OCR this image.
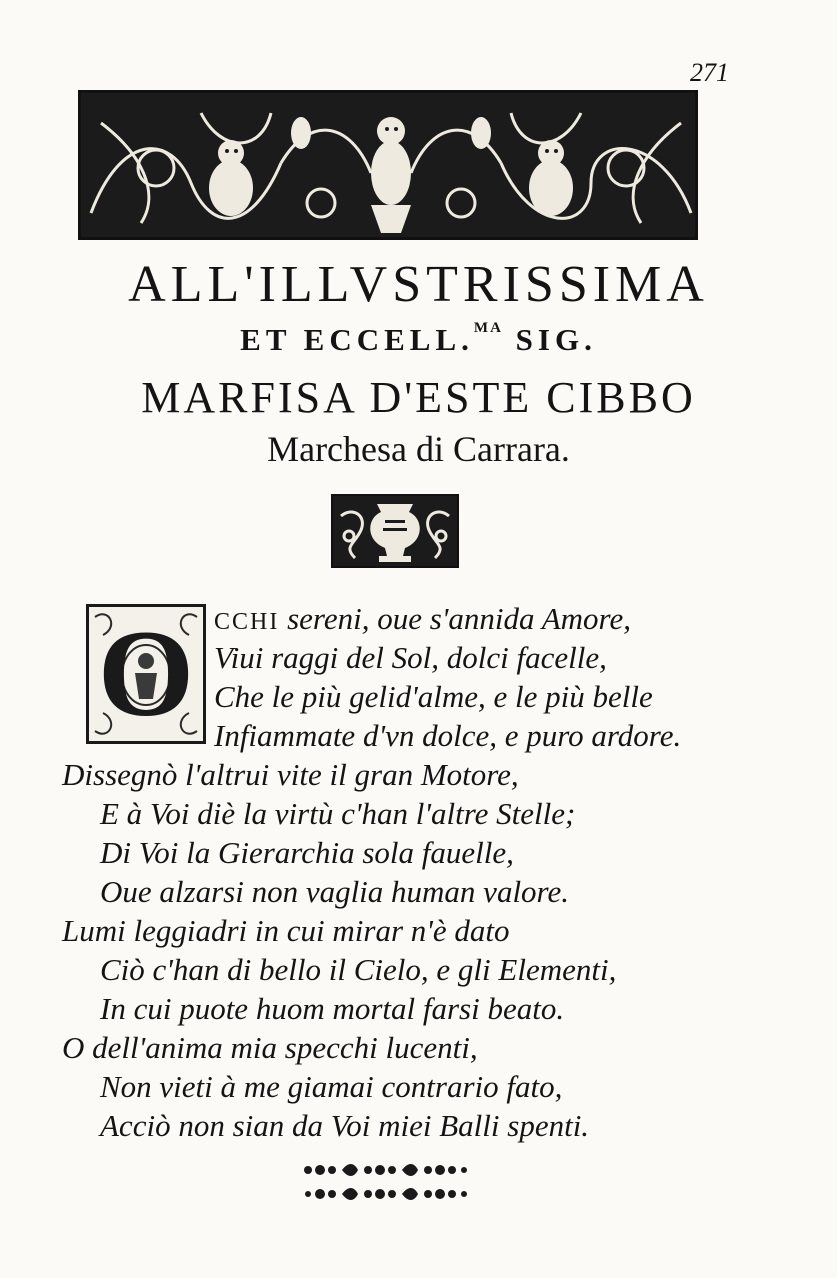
271
ALL'ILLVSTRISSIMA
ET ECCELL.$^{MA}$ SIG.
MARFISA D'ESTE CIBBO
Marchesa di Carrara.
O CCHI sereni, oue s'annida Amore,
Viui raggi del Sol, dolci facelle,
Che le più gelid'alme, e le più belle
Infiammate d'vn dolce, e puro ardore.
Dissegnò l'altrui vite il gran Motore,
E à Voi diè la virtù c'han l'altre Stelle;
Di Voi la Gierarchia sola fauelle,
Oue alzarsi non vaglia human valore.
Lumi leggiadri in cui mirar n'è dato
Ciò c'han di bello il Cielo, e gli Elementi,
In cui puote huom mortal farsi beato.
O dell'anima mia specchi lucenti,
Non vieti à me giamai contrario fato,
Acciò non sian da Voi miei Balli spenti.
